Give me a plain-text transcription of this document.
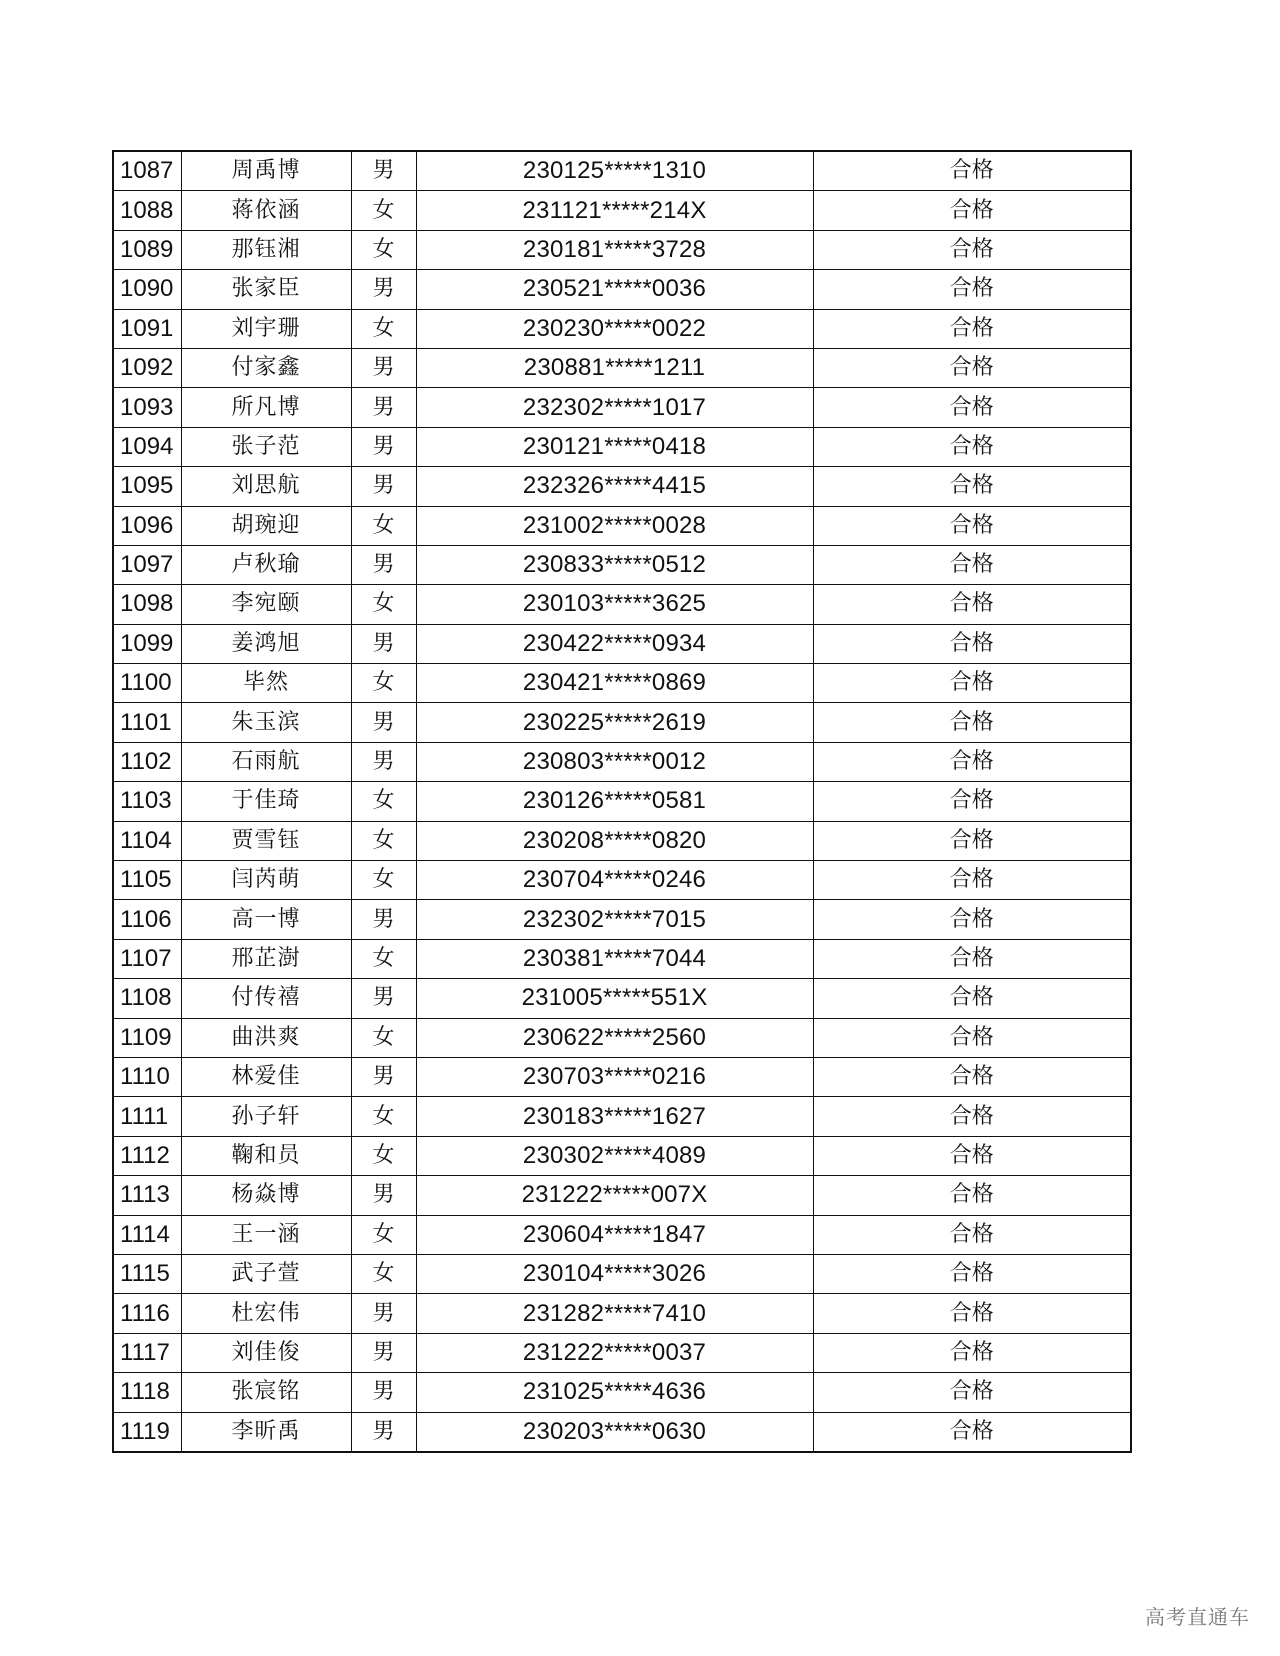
1087	周禹博	男	230125*****1310	合格
1088	蒋依涵	女	231121*****214X	合格
1089	那钰湘	女	230181*****3728	合格
1090	张家臣	男	230521*****0036	合格
1091	刘宇珊	女	230230*****0022	合格
1092	付家鑫	男	230881*****1211	合格
1093	所凡博	男	232302*****1017	合格
1094	张子范	男	230121*****0418	合格
1095	刘思航	男	232326*****4415	合格
1096	胡琬迎	女	231002*****0028	合格
1097	卢秋瑜	男	230833*****0512	合格
1098	李宛颐	女	230103*****3625	合格
1099	姜鸿旭	男	230422*****0934	合格
1100	毕然	女	230421*****0869	合格
1101	朱玉滨	男	230225*****2619	合格
1102	石雨航	男	230803*****0012	合格
1103	于佳琦	女	230126*****0581	合格
1104	贾雪钰	女	230208*****0820	合格
1105	闫芮萌	女	230704*****0246	合格
1106	高一博	男	232302*****7015	合格
1107	邢芷澍	女	230381*****7044	合格
1108	付传禧	男	231005*****551X	合格
1109	曲洪爽	女	230622*****2560	合格
1110	林爱佳	男	230703*****0216	合格
1111	孙子轩	女	230183*****1627	合格
1112	鞠和员	女	230302*****4089	合格
1113	杨焱博	男	231222*****007X	合格
1114	王一涵	女	230604*****1847	合格
1115	武子萱	女	230104*****3026	合格
1116	杜宏伟	男	231282*****7410	合格
1117	刘佳俊	男	231222*****0037	合格
1118	张宸铭	男	231025*****4636	合格
1119	李昕禹	男	230203*****0630	合格
高考直通车
